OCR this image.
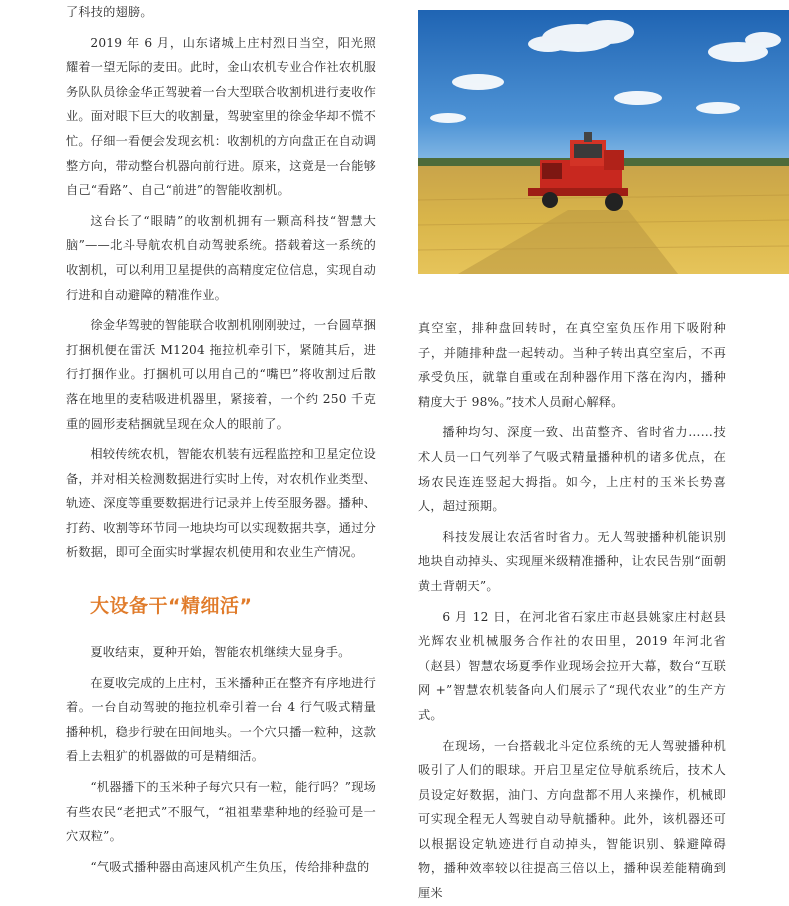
了科技的翅膀。

2019 年 6 月，山东诸城上庄村烈日当空，阳光照耀着一望无际的麦田。此时，金山农机专业合作社农机服务队队员徐金华正驾驶着一台大型联合收割机进行麦收作业。面对眼下巨大的收割量，驾驶室里的徐金华却不慌不忙。仔细一看便会发现玄机：收割机的方向盘正在自动调整方向，带动整台机器向前行进。原来，这竟是一台能够自己“看路”、自己“前进”的智能收割机。

这台长了“眼睛”的收割机拥有一颗高科技“智慧大脑”——北斗导航农机自动驾驶系统。搭载着这一系统的收割机，可以利用卫星提供的高精度定位信息，实现自动行进和自动避障的精准作业。

徐金华驾驶的智能联合收割机刚刚驶过，一台圆草捆打捆机便在雷沃 M1204 拖拉机牵引下，紧随其后，进行打捆作业。打捆机可以用自己的“嘴巴”将收割过后散落在地里的麦秸吸进机器里，紧接着，一个约 250 千克重的圆形麦秸捆就呈现在众人的眼前了。

相较传统农机，智能农机装有远程监控和卫星定位设备，并对相关检测数据进行实时上传，对农机作业类型、轨迹、深度等重要数据进行记录并上传至服务器。播种、打药、收割等环节同一地块均可以实现数据共享，通过分析数据，即可全面实时掌握农机使用和农业生产情况。

大设备干“精细活”

夏收结束，夏种开始，智能农机继续大显身手。

在夏收完成的上庄村，玉米播种正在整齐有序地进行着。一台自动驾驶的拖拉机牵引着一台 4 行气吸式精量播种机，稳步行驶在田间地头。一个穴只播一粒种，这款看上去粗犷的机器做的可是精细活。

“机器播下的玉米种子每穴只有一粒，能行吗？”现场有些农民“老把式”不服气，“祖祖辈辈种地的经验可是一穴双粒”。

“气吸式播种器由高速风机产生负压，传给排种盘的

真空室，排种盘回转时，在真空室负压作用下吸附种子，并随排种盘一起转动。当种子转出真空室后，不再承受负压，就靠自重或在刮种器作用下落在沟内，播种精度大于 98%。”技术人员耐心解释。

播种均匀、深度一致、出苗整齐、省时省力……技术人员一口气列举了气吸式精量播种机的诸多优点，在场农民连连竖起大拇指。如今，上庄村的玉米长势喜人，超过预期。

科技发展让农活省时省力。无人驾驶播种机能识别地块自动掉头、实现厘米级精准播种，让农民告别“面朝黄土背朝天”。

6 月 12 日，在河北省石家庄市赵县姚家庄村赵县光辉农业机械服务合作社的农田里，2019 年河北省（赵县）智慧农场夏季作业现场会拉开大幕，数台“互联网 +”智慧农机装备向人们展示了“现代农业”的生产方式。

在现场，一台搭载北斗定位系统的无人驾驶播种机吸引了人们的眼球。开启卫星定位导航系统后，技术人员设定好数据，油门、方向盘都不用人来操作，机械即可实现全程无人驾驶自动导航播种。此外，该机器还可以根据设定轨迹进行自动掉头，智能识别、躲避障碍物，播种效率较以往提高三倍以上，播种误差能精确到厘米
